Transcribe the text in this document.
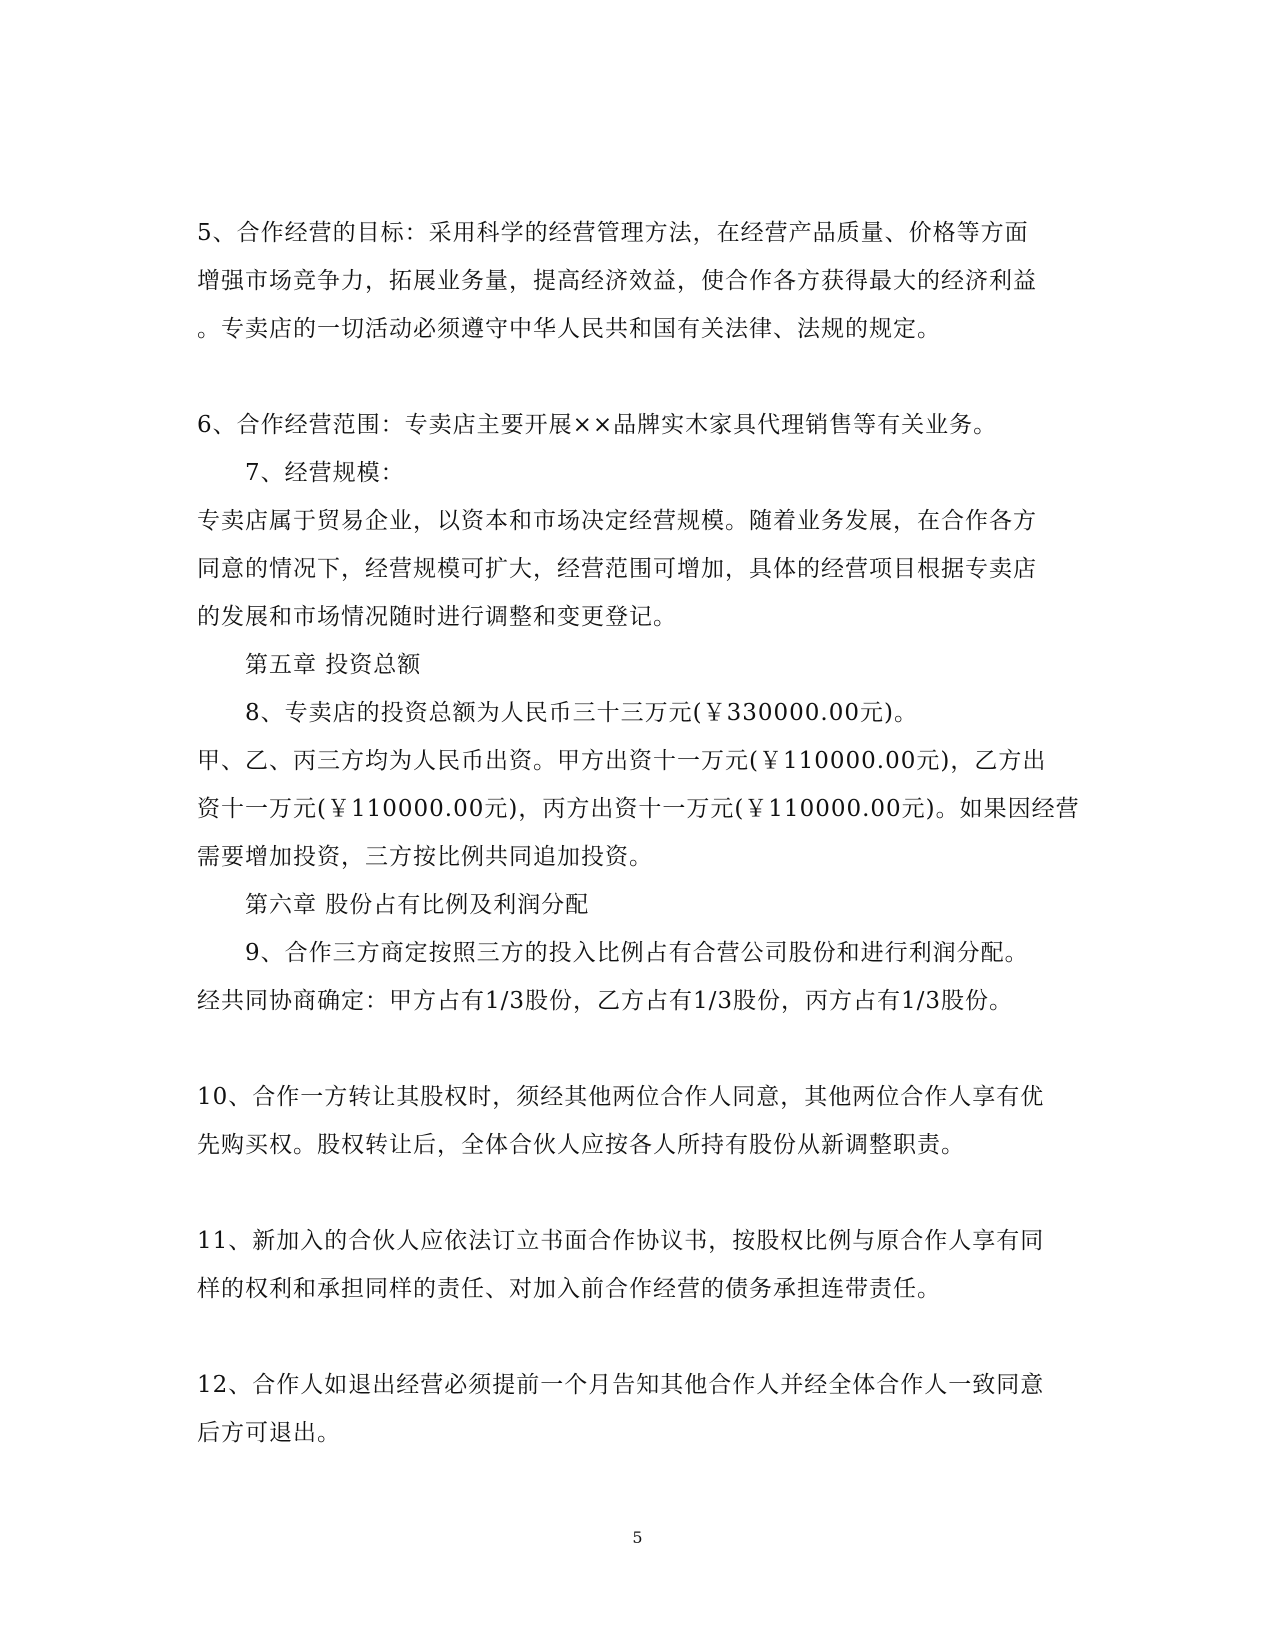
5、合作经营的目标：采用科学的经营管理方法，在经营产品质量、价格等方面
增强市场竞争力，拓展业务量，提高经济效益，使合作各方获得最大的经济利益
。专卖店的一切活动必须遵守中华人民共和国有关法律、法规的规定。
6、合作经营范围：专卖店主要开展××品牌实木家具代理销售等有关业务。
7、经营规模：
专卖店属于贸易企业，以资本和市场决定经营规模。随着业务发展，在合作各方
同意的情况下，经营规模可扩大，经营范围可增加，具体的经营项目根据专卖店
的发展和市场情况随时进行调整和变更登记。
第五章 投资总额
8、专卖店的投资总额为人民币三十三万元(￥330000.00元)。
甲、乙、丙三方均为人民币出资。甲方出资十一万元(￥110000.00元)，乙方出
资十一万元(￥110000.00元)，丙方出资十一万元(￥110000.00元)。如果因经营
需要增加投资，三方按比例共同追加投资。
第六章 股份占有比例及利润分配
9、合作三方商定按照三方的投入比例占有合营公司股份和进行利润分配。
经共同协商确定：甲方占有1/3股份，乙方占有1/3股份，丙方占有1/3股份。
10、合作一方转让其股权时，须经其他两位合作人同意，其他两位合作人享有优
先购买权。股权转让后，全体合伙人应按各人所持有股份从新调整职责。
11、新加入的合伙人应依法订立书面合作协议书，按股权比例与原合作人享有同
样的权利和承担同样的责任、对加入前合作经营的债务承担连带责任。
12、合作人如退出经营必须提前一个月告知其他合作人并经全体合作人一致同意
后方可退出。
5
